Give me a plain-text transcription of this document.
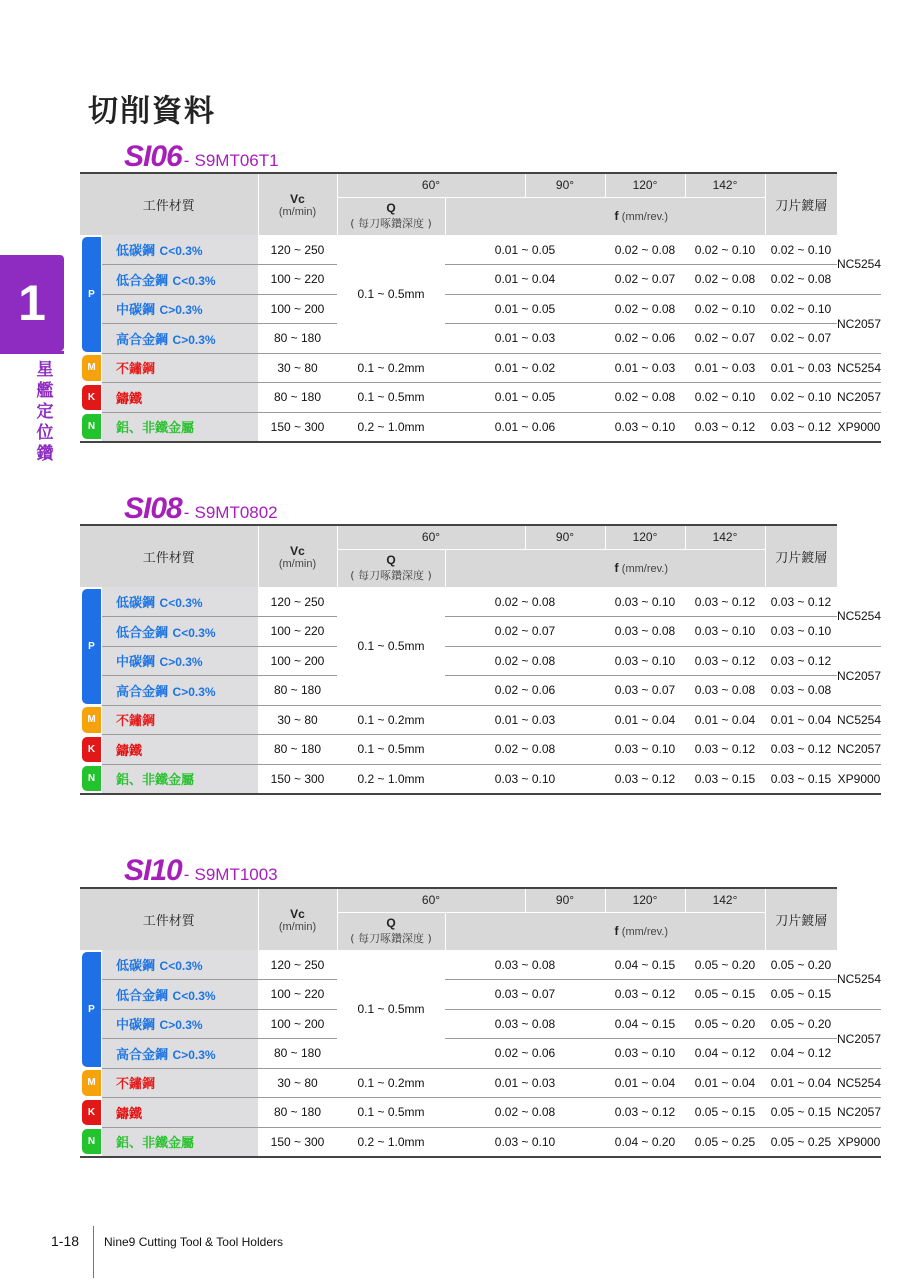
切削資料
1
星艦定位鑽
SI06 - S9MT06T1
工件材質		Vc
(m/min)	60°		90°	120°	142°	刀片鍍層	

			Q
( 每刀啄鑽深度 )	f (mm/rev.)					

P	低碳鋼 C<0.3%	120 ~ 250	0.1 ~ 0.5mm	0.01 ~ 0.05		0.02 ~ 0.08	0.02 ~ 0.10	0.02 ~ 0.10	NC5254
	低合金鋼 C<0.3%	100 ~ 220		0.01 ~ 0.04		0.02 ~ 0.07	0.02 ~ 0.08	0.02 ~ 0.08	
	中碳鋼 C>0.3%	100 ~ 200		0.01 ~ 0.05		0.02 ~ 0.08	0.02 ~ 0.10	0.02 ~ 0.10	NC2057
	高合金鋼 C>0.3%	80 ~ 180		0.01 ~ 0.03		0.02 ~ 0.06	0.02 ~ 0.07	0.02 ~ 0.07	

M	不鏽鋼	30 ~ 80	0.1 ~ 0.2mm	0.01 ~ 0.02		0.01 ~ 0.03	0.01 ~ 0.03	0.01 ~ 0.03	NC5254

K	鑄鐵	80 ~ 180	0.1 ~ 0.5mm	0.01 ~ 0.05		0.02 ~ 0.08	0.02 ~ 0.10	0.02 ~ 0.10	NC2057

N	鋁、非鐵金屬	150 ~ 300	0.2 ~ 1.0mm	0.01 ~ 0.06		0.03 ~ 0.10	0.03 ~ 0.12	0.03 ~ 0.12	XP9000
SI08 - S9MT0802
工件材質		Vc
(m/min)	60°		90°	120°	142°	刀片鍍層	

			Q
( 每刀啄鑽深度 )	f (mm/rev.)					

P	低碳鋼 C<0.3%	120 ~ 250	0.1 ~ 0.5mm	0.02 ~ 0.08		0.03 ~ 0.10	0.03 ~ 0.12	0.03 ~ 0.12	NC5254
	低合金鋼 C<0.3%	100 ~ 220		0.02 ~ 0.07		0.03 ~ 0.08	0.03 ~ 0.10	0.03 ~ 0.10	
	中碳鋼 C>0.3%	100 ~ 200		0.02 ~ 0.08		0.03 ~ 0.10	0.03 ~ 0.12	0.03 ~ 0.12	NC2057
	高合金鋼 C>0.3%	80 ~ 180		0.02 ~ 0.06		0.03 ~ 0.07	0.03 ~ 0.08	0.03 ~ 0.08	

M	不鏽鋼	30 ~ 80	0.1 ~ 0.2mm	0.01 ~ 0.03		0.01 ~ 0.04	0.01 ~ 0.04	0.01 ~ 0.04	NC5254

K	鑄鐵	80 ~ 180	0.1 ~ 0.5mm	0.02 ~ 0.08		0.03 ~ 0.10	0.03 ~ 0.12	0.03 ~ 0.12	NC2057

N	鋁、非鐵金屬	150 ~ 300	0.2 ~ 1.0mm	0.03 ~ 0.10		0.03 ~ 0.12	0.03 ~ 0.15	0.03 ~ 0.15	XP9000
SI10 - S9MT1003
工件材質		Vc
(m/min)	60°		90°	120°	142°	刀片鍍層	

			Q
( 每刀啄鑽深度 )	f (mm/rev.)					

P	低碳鋼 C<0.3%	120 ~ 250	0.1 ~ 0.5mm	0.03 ~ 0.08		0.04 ~ 0.15	0.05 ~ 0.20	0.05 ~ 0.20	NC5254
	低合金鋼 C<0.3%	100 ~ 220		0.03 ~ 0.07		0.03 ~ 0.12	0.05 ~ 0.15	0.05 ~ 0.15	
	中碳鋼 C>0.3%	100 ~ 200		0.03 ~ 0.08		0.04 ~ 0.15	0.05 ~ 0.20	0.05 ~ 0.20	NC2057
	高合金鋼 C>0.3%	80 ~ 180		0.02 ~ 0.06		0.03 ~ 0.10	0.04 ~ 0.12	0.04 ~ 0.12	

M	不鏽鋼	30 ~ 80	0.1 ~ 0.2mm	0.01 ~ 0.03		0.01 ~ 0.04	0.01 ~ 0.04	0.01 ~ 0.04	NC5254

K	鑄鐵	80 ~ 180	0.1 ~ 0.5mm	0.02 ~ 0.08		0.03 ~ 0.12	0.05 ~ 0.15	0.05 ~ 0.15	NC2057

N	鋁、非鐵金屬	150 ~ 300	0.2 ~ 1.0mm	0.03 ~ 0.10		0.04 ~ 0.20	0.05 ~ 0.25	0.05 ~ 0.25	XP9000
1-18 Nine9 Cutting Tool & Tool Holders
